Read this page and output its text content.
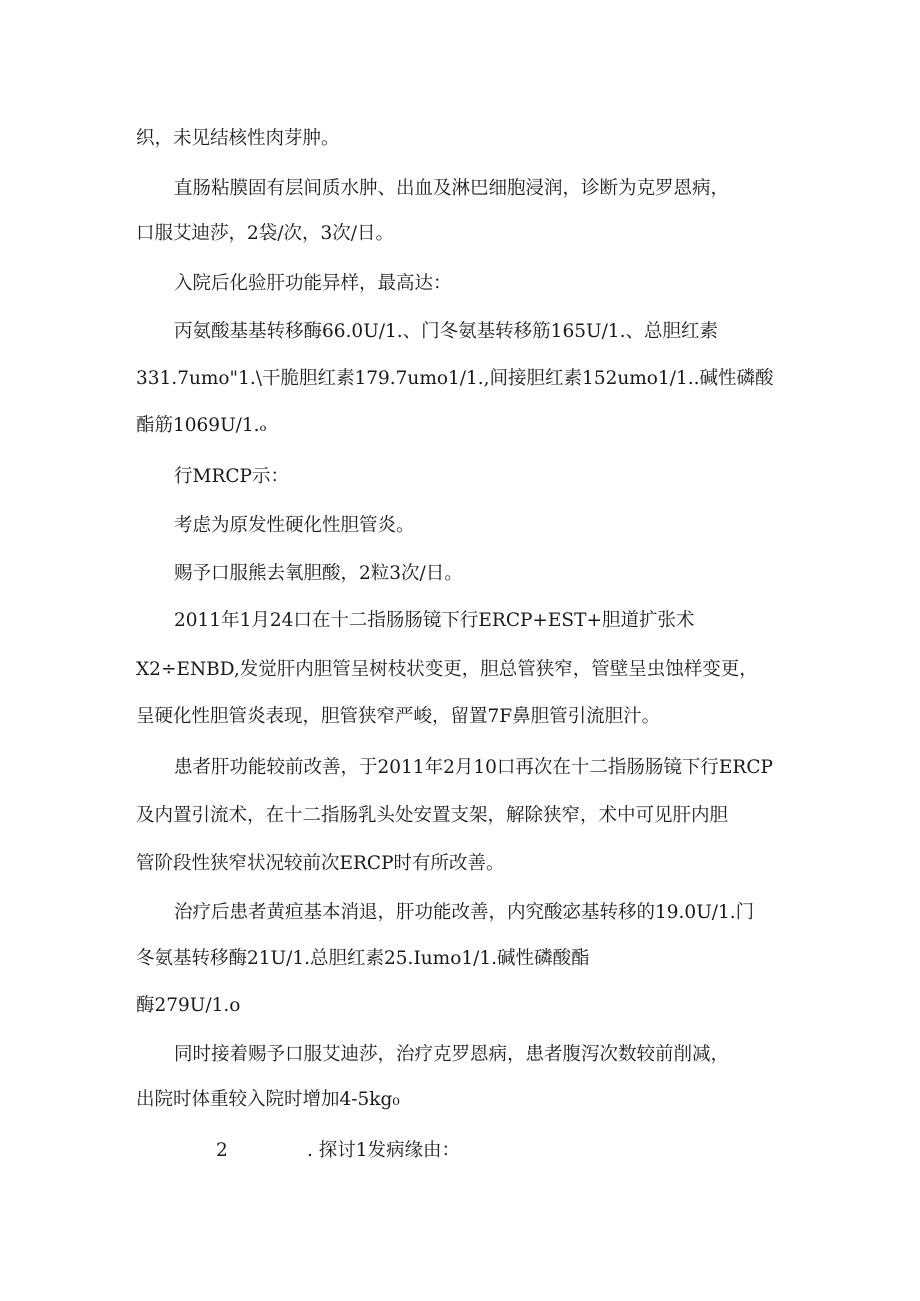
织，未见结核性肉芽肿。
直肠粘膜固有层间质水肿、出血及淋巴细胞浸润，诊断为克罗恩病，
口服艾迪莎，2袋/次，3次/日。
入院后化验肝功能异样，最高达：
丙氨酸基基转移酶66.0U/1.、门冬氨基转移筋165U/1.、总胆红素
331.7umo"1.\干脆胆红素179.7umo1∕1.,间接胆红素152umo1/1..碱性磷酸
酯筋1069U∕1.ₒ
行MRCP示：
考虑为原发性硬化性胆管炎。
赐予口服熊去氧胆酸，2粒3次/日。
2011年1月24口在十二指肠肠镜下行ERCP+EST+胆道扩张术
X2÷ENBD,发觉肝内胆管呈树枝状变更，胆总管狭窄，管壁呈虫蚀样变更，
呈硬化性胆管炎表现，胆管狭窄严峻，留置7F鼻胆管引流胆汁。
患者肝功能较前改善，于2011年2月10口再次在十二指肠肠镜下行ERCP
及内置引流术，在十二指肠乳头处安置支架，解除狭窄，术中可见肝内胆
管阶段性狭窄状况较前次ERCP时有所改善。
治疗后患者黄疸基本消退，肝功能改善，内究酸宓基转移的19.0U/1.门
冬氨基转移酶21U/1.总胆红素25.Iumo1/1.碱性磷酸酯
酶279U∕1.o
同时接着赐予口服艾迪莎，治疗克罗恩病，患者腹泻次数较前削减，
出院时体重较入院时增加4-5kg₀
2	. 探讨1发病缘由：
